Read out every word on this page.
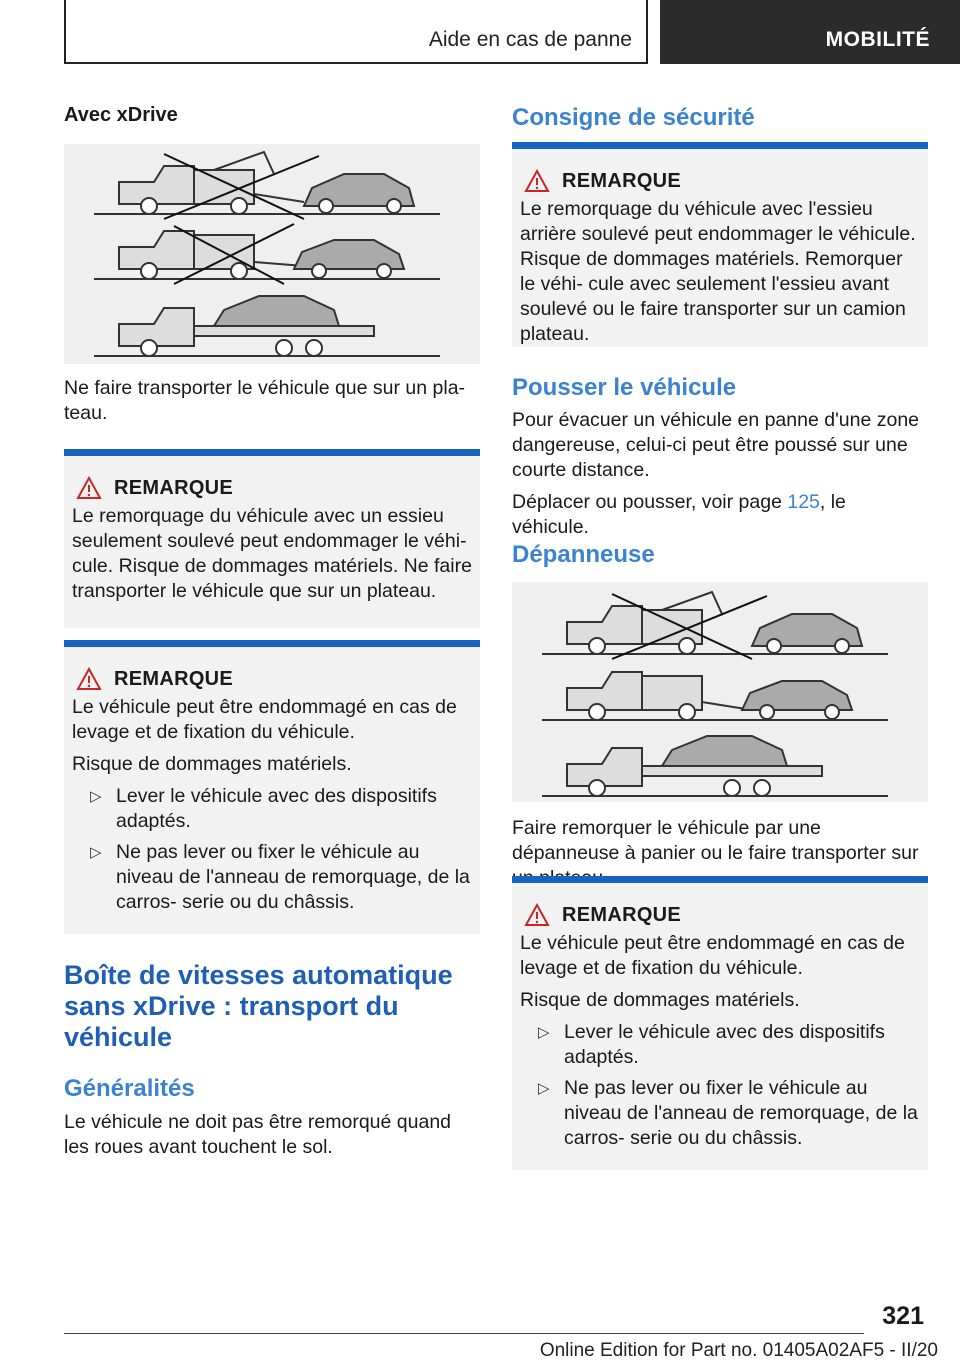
Aide en cas de panne	MOBILITÉ
Avec xDrive

Ne faire transporter le véhicule que sur un pla‐
teau.

REMARQUE

Le remorquage du véhicule avec un essieu seulement soulevé peut endommager le véhi‐ cule. Risque de dommages matériels. Ne faire transporter le véhicule que sur un plateau.

REMARQUE

Le véhicule peut être endommagé en cas de levage et de fixation du véhicule.

Risque de dommages matériels.

▷ Lever le véhicule avec des dispositifs adaptés.
▷ Ne pas lever ou fixer le véhicule au niveau de l'anneau de remorquage, de la carros‐ serie ou du châssis.
Boîte de vitesses automatique sans xDrive : transport du véhicule
Généralités

Le véhicule ne doit pas être remorqué quand les roues avant touchent le sol.

Consigne de sécurité
REMARQUE

Le remorquage du véhicule avec l'essieu arrière soulevé peut endommager le véhicule. Risque de dommages matériels. Remorquer le véhi‐ cule avec seulement l'essieu avant soulevé ou le faire transporter sur un camion plateau.

Pousser le véhicule

Pour évacuer un véhicule en panne d'une zone dangereuse, celui-ci peut être poussé sur une courte distance.

Déplacer ou pousser, voir page 125, le véhicule.

Dépanneuse

Faire remorquer le véhicule par une dépanneuse à panier ou le faire transporter sur

REMARQUE

Le véhicule peut être endommagé en cas de levage et de fixation du véhicule.

Risque de dommages matériels.

▷ Lever le véhicule avec des dispositifs adaptés.
▷ Ne pas lever ou fixer le véhicule au niveau de l'anneau de remorquage, de la carros‐ serie ou du châssis.
321
Online Edition for Part no. 01405A02AF5 - II/20
